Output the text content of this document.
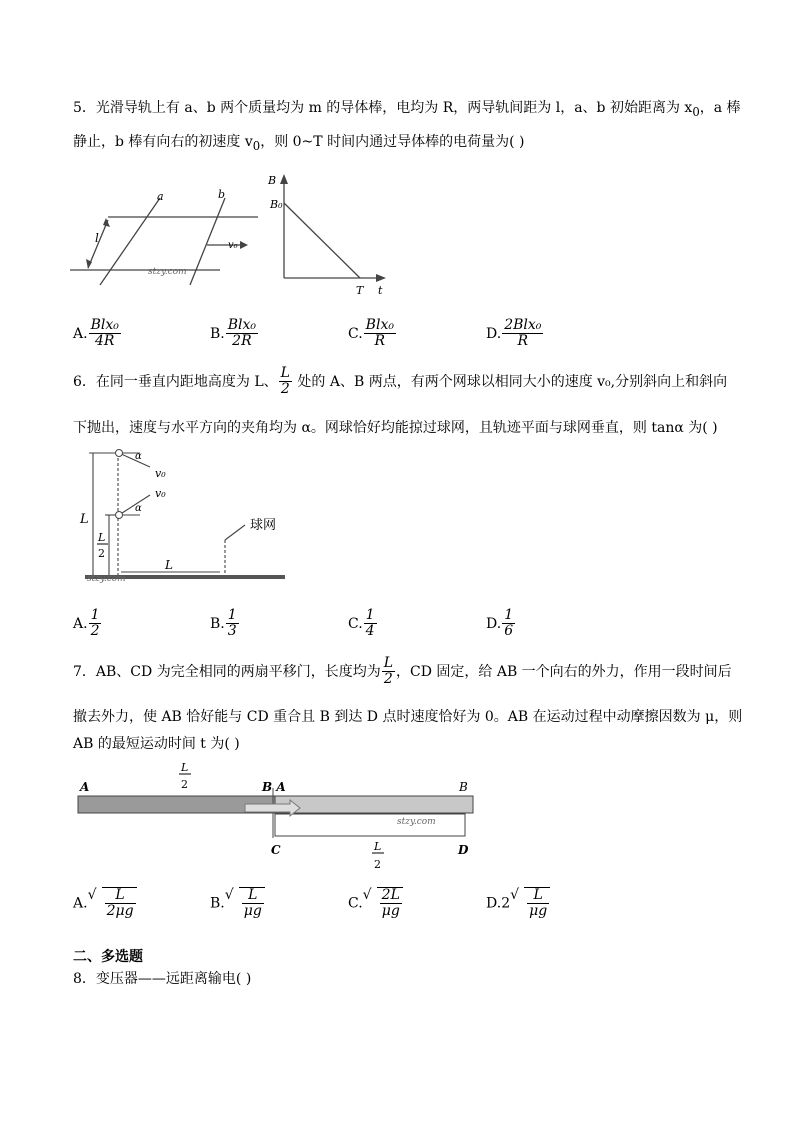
5．光滑导轨上有 a、b 两个质量均为 m 的导体棒，电均为 R，两导轨间距为 l，a、b 初始距离为 $x_0$，a 棒
静止，b 棒有向右的初速度 $v_0$，则 0~T 时间内通过导体棒的电荷量为( )
a	b
l
v₀
stzy.com
B
B₀
T t
A. $\frac{\text{Blx₀}}{4R}$	B. $\frac{\text{Blx₀}}{2R}$	C. $\frac{\text{Blx₀}}{R}$	D. $\frac{\text{2Blx₀}}{R}$
6．在同一垂直内距地高度为 L、 $\frac{L}{2}$ 处的 A、B 两点，有两个网球以相同大小的速度 v₀,分别斜向上和斜向
下抛出，速度与水平方向的夹角均为 α。网球恰好均能掠过球网，且轨迹平面与球网垂直，则 tanα 为( )
α
v₀
v₀
α
L
L
2
L
球网
stzy.com
A. $\frac{1}{2}$	B. $\frac{1}{3}$	C. $\frac{1}{4}$	D. $\frac{1}{6}$
7．AB、CD 为完全相同的两扇平移门，长度均为 $\frac{L}{2}$ ，CD 固定，给 AB 一个向右的外力，作用一段时间后
撤去外力，使 AB 恰好能与 CD 重合且 B 到达 D 点时速度恰好为 0。AB 在运动过程中动摩擦因数为 μ，则
AB 的最短运动时间 t 为( )
A
L
2	B A	B
stzy.com
C	L
2
D
A.
√ $\frac{L}{2\mu g}$	B.
√ $\frac{L}{\mu g}$	C.
√ $\frac{2L}{\mu g}$	D.2
√ $\frac{L}{\mu g}$
二、多选题
8．变压器——远距离输电( )
